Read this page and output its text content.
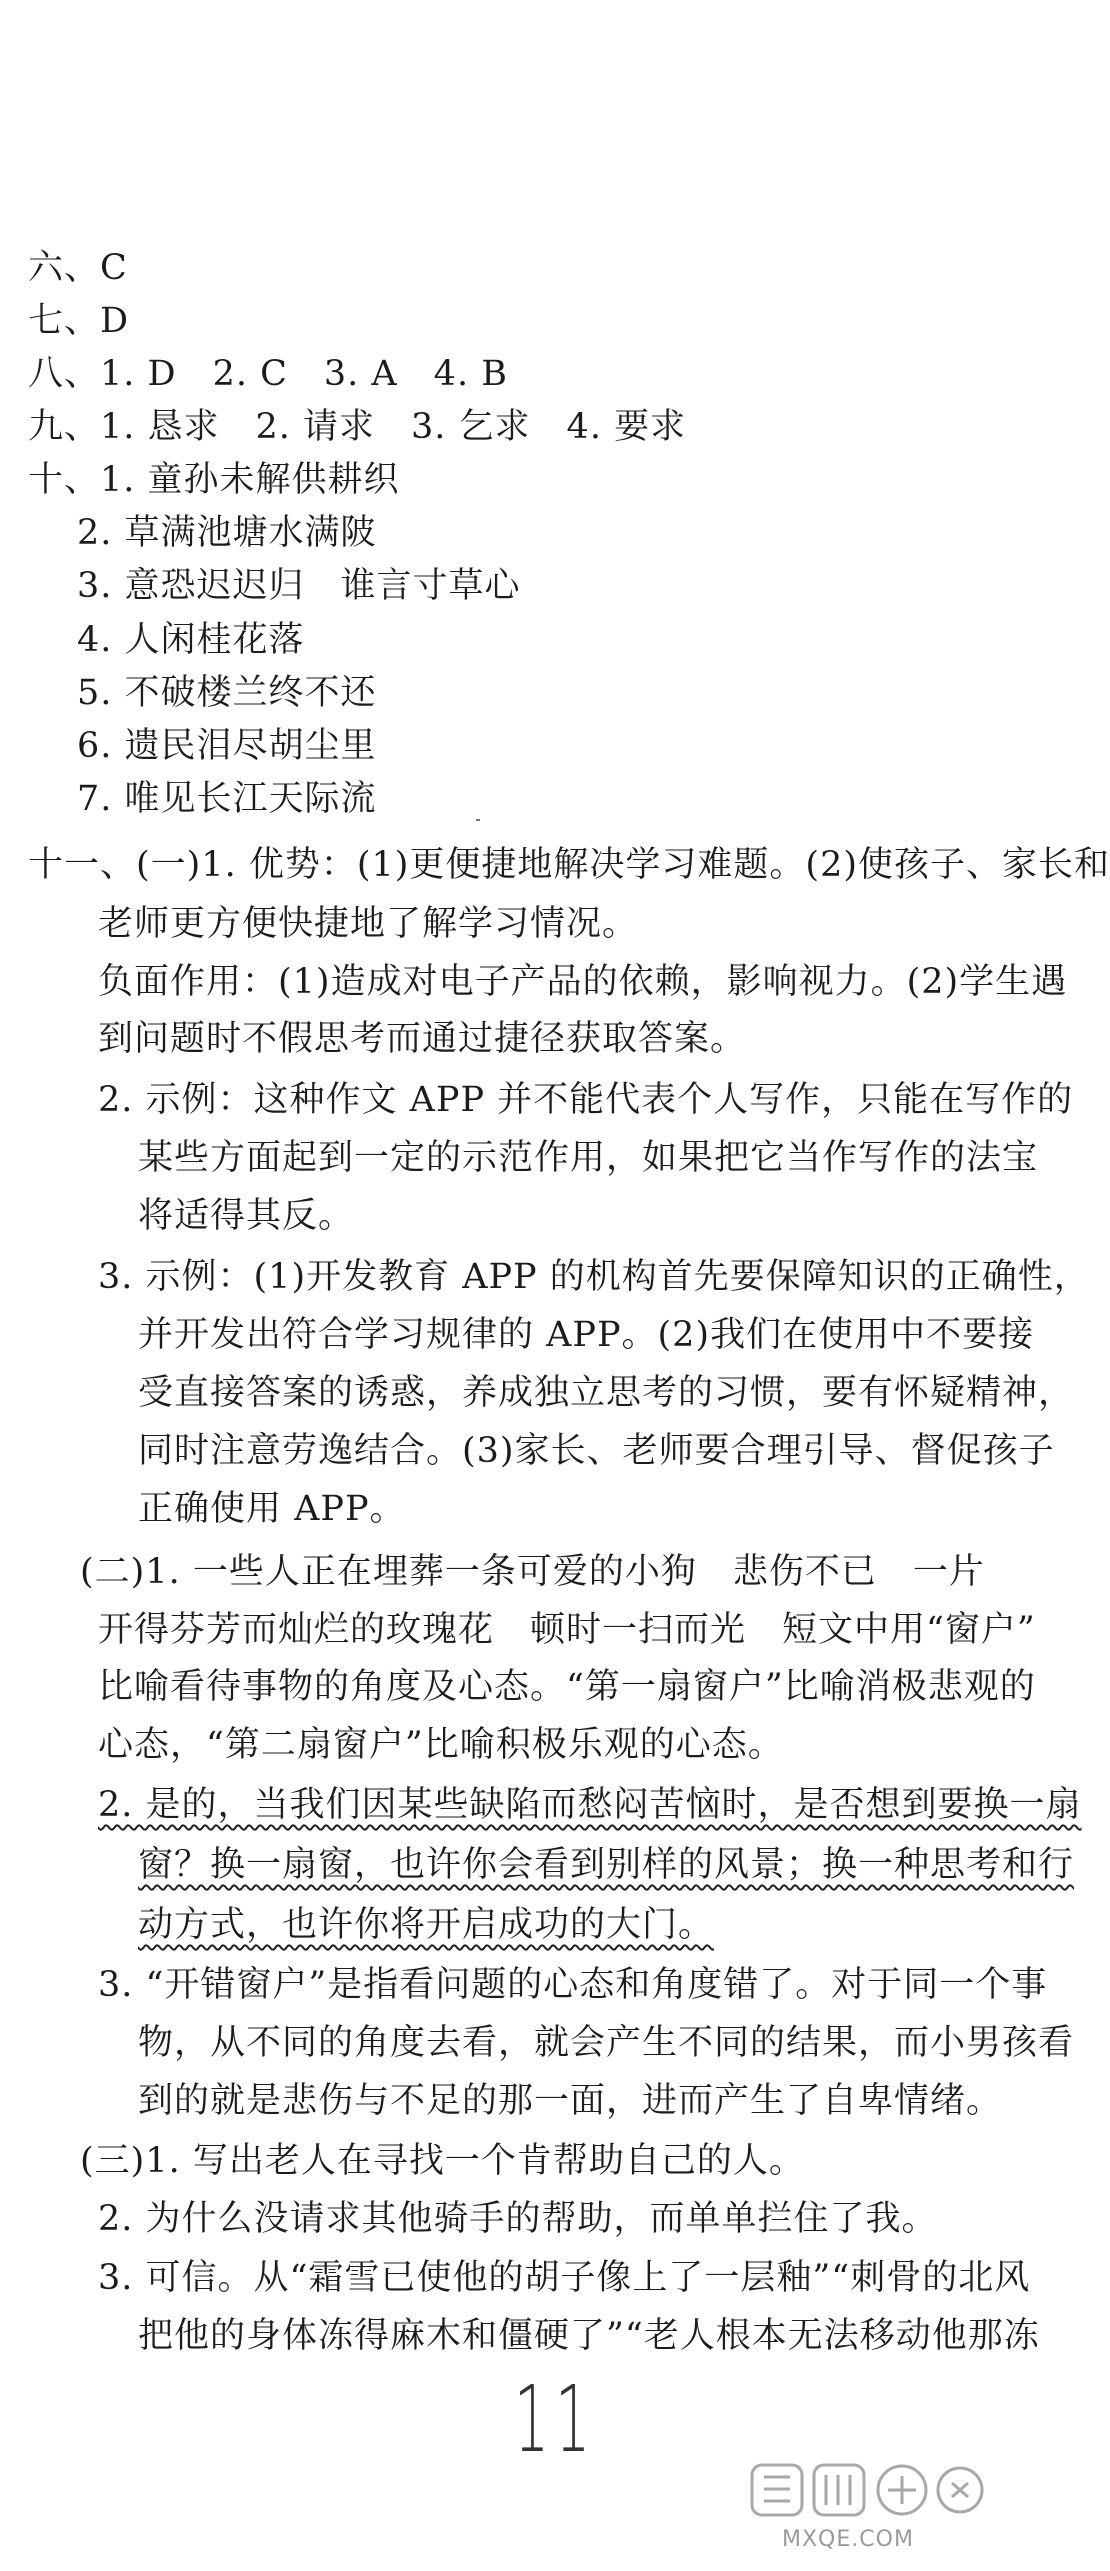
六、C
七、D
八、1. D　2. C　3. A　4. B
九、1. 恳求　2. 请求　3. 乞求　4. 要求
十、1. 童孙未解供耕织
2. 草满池塘水满陂
3. 意恐迟迟归　谁言寸草心
4. 人闲桂花落
5. 不破楼兰终不还
6. 遗民泪尽胡尘里
7. 唯见长江天际流
十一、(一)1. 优势：(1)更便捷地解决学习难题。(2)使孩子、家长和
老师更方便快捷地了解学习情况。
负面作用：(1)造成对电子产品的依赖，影响视力。(2)学生遇
到问题时不假思考而通过捷径获取答案。
2. 示例：这种作文 APP 并不能代表个人写作，只能在写作的
某些方面起到一定的示范作用，如果把它当作写作的法宝
将适得其反。
3. 示例：(1)开发教育 APP 的机构首先要保障知识的正确性，
并开发出符合学习规律的 APP。(2)我们在使用中不要接
受直接答案的诱惑，养成独立思考的习惯，要有怀疑精神，
同时注意劳逸结合。(3)家长、老师要合理引导、督促孩子
正确使用 APP。
(二)1. 一些人正在埋葬一条可爱的小狗　悲伤不已　一片
开得芬芳而灿烂的玫瑰花　顿时一扫而光　短文中用“窗户”
比喻看待事物的角度及心态。“第一扇窗户”比喻消极悲观的
心态，“第二扇窗户”比喻积极乐观的心态。
2. 是的，当我们因某些缺陷而愁闷苦恼时，是否想到要换一扇
窗？换一扇窗，也许你会看到别样的风景；换一种思考和行
动方式，也许你将开启成功的大门。
3. “开错窗户”是指看问题的心态和角度错了。对于同一个事
物，从不同的角度去看，就会产生不同的结果，而小男孩看
到的就是悲伤与不足的那一面，进而产生了自卑情绪。
(三)1. 写出老人在寻找一个肯帮助自己的人。
2. 为什么没请求其他骑手的帮助，而单单拦住了我。
3. 可信。从“霜雪已使他的胡子像上了一层釉”“刺骨的北风
把他的身体冻得麻木和僵硬了”“老人根本无法移动他那冻
11
MXQE.COM
